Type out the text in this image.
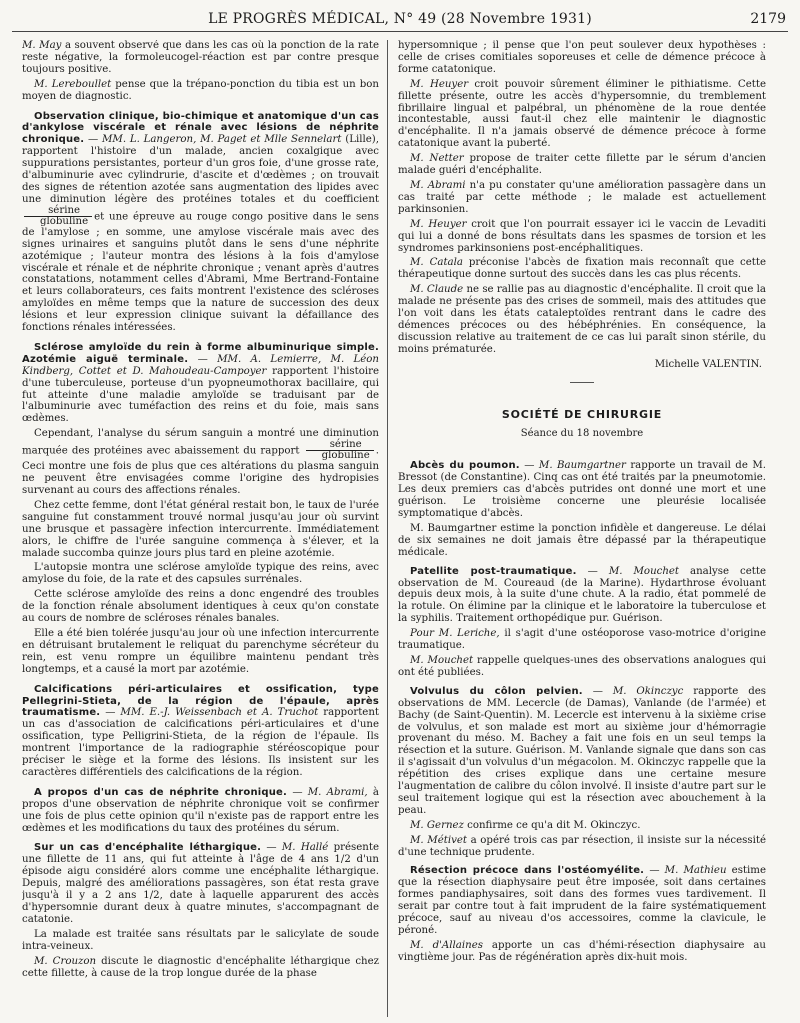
LE PROGRÈS MÉDICAL, N° 49 (28 Novembre 1931)	2179

M. May a souvent observé que dans les cas où la ponction de la rate reste négative, la formoleucogel-réaction est par contre presque toujours positive.

M. Lereboullet pense que la trépano-ponction du tibia est un bon moyen de diagnostic.

Observation clinique, bio-chimique et anatomique d'un cas d'ankylose viscérale et rénale avec lésions de néphrite chronique. — MM. L. Langeron, M. Paget et Mlle Sennelart (Lille), rapportent l'histoire d'un malade, ancien coxalgique avec suppurations persistantes, porteur d'un gros foie, d'une grosse rate, d'albuminurie avec cylindrurie, d'ascite et d'œdèmes ; on trouvait des signes de rétention azotée sans augmentation des lipides avec une diminution légère des protéines totales et du coefficient
$\frac{\text{sérine}}{\text{globuline}}$ et une épreuve au rouge congo positive dans le sens de l'amylose ; en somme, une amylose viscérale mais avec des signes urinaires et sanguins plutôt dans le sens d'une néphrite azotémique ; l'auteur montra des lésions à la fois d'amylose viscérale et rénale et de néphrite chronique ; venant après d'autres constatations, notamment celles d'Abrami, Mme Bertrand-Fontaine et leurs collaborateurs, ces faits montrent l'existence des scléroses amyloïdes en même temps que la nature de succession des deux lésions et leur expression clinique suivant la défaillance des fonctions rénales intéressées.

Sclérose amyloïde du rein à forme albuminurique simple. Azotémie aiguë terminale. — MM. A. Lemierre, M. Léon Kindberg, Cottet et D. Mahoudeau-Campoyer rapportent l'histoire d'une tuberculeuse, porteuse d'un pyopneumothorax bacillaire, qui fut atteinte d'une maladie amyloïde se traduisant par de l'albuminurie avec tuméfaction des reins et du foie, mais sans œdèmes.

Cependant, l'analyse du sérum sanguin a montré une diminution marquée des protéines avec abaissement du rapport $\frac{\text{sérine}}{\text{globuline}}$ . Ceci montre une fois de plus que ces altérations du plasma sanguin ne peuvent être envisagées comme l'origine des hydropisies survenant au cours des affections rénales.

Chez cette femme, dont l'état général restait bon, le taux de l'urée sanguine fut constamment trouvé normal jusqu'au jour où survint une brusque et passagère infection intercurrente. Immédiatement alors, le chiffre de l'urée sanguine commença à s'élever, et la malade succomba quinze jours plus tard en pleine azotémie.

L'autopsie montra une sclérose amyloïde typique des reins, avec amylose du foie, de la rate et des capsules surrénales.

Cette sclérose amyloïde des reins a donc engendré des troubles de la fonction rénale absolument identiques à ceux qu'on constate au cours de nombre de scléroses rénales banales.

Elle a été bien tolérée jusqu'au jour où une infection intercurrente en détruisant brutalement le reliquat du parenchyme sécréteur du rein, est venu rompre un équilibre maintenu pendant très longtemps, et a causé la mort par azotémie.

Calcifications péri-articulaires et ossification, type Pellegrini-Stieta, de la région de l'épaule, après traumatisme. — MM. E.-J. Weissenbach et A. Truchot rapportent un cas d'association de calcifications péri-articulaires et d'une ossification, type Pelligrini-Stieta, de la région de l'épaule. Ils montrent l'importance de la radiographie stéréoscopique pour préciser le siège et la forme des lésions. Ils insistent sur les caractères différentiels des calcifications de la région.

A propos d'un cas de néphrite chronique. — M. Abrami, à propos d'une observation de néphrite chronique voit se confirmer une fois de plus cette opinion qu'il n'existe pas de rapport entre les œdèmes et les modifications du taux des protéines du sérum.

Sur un cas d'encéphalite léthargique. — M. Hallé présente une fillette de 11 ans, qui fut atteinte à l'âge de 4 ans 1/2 d'un épisode aigu considéré alors comme une encéphalite léthargique. Depuis, malgré des améliorations passagères, son état resta grave jusqu'à il y a 2 ans 1/2, date à laquelle apparurent des accès d'hypersomnie durant deux à quatre minutes, s'accompagnant de catatonie.

La malade est traitée sans résultats par le salicylate de soude intra-veineux.

M. Crouzon discute le diagnostic d'encéphalite léthargique chez cette fillette, à cause de la trop longue durée de la phase

hypersomnique ; il pense que l'on peut soulever deux hypothèses : celle de crises comitiales soporeuses et celle de démence précoce à forme catatonique.

M. Heuyer croit pouvoir sûrement éliminer le pithiatisme. Cette fillette présente, outre les accès d'hypersomnie, du tremblement fibrillaire lingual et palpébral, un phénomène de la roue dentée incontestable, aussi faut-il chez elle maintenir le diagnostic d'encéphalite. Il n'a jamais observé de démence précoce à forme catatonique avant la puberté.

M. Netter propose de traiter cette fillette par le sérum d'ancien malade guéri d'encéphalite.

M. Abrami n'a pu constater qu'une amélioration passagère dans un cas traité par cette méthode ; le malade est actuellement parkinsonien.

M. Heuyer croit que l'on pourrait essayer ici le vaccin de Levaditi qui lui a donné de bons résultats dans les spasmes de torsion et les syndromes parkinsoniens post-encéphalitiques.

M. Catala préconise l'abcès de fixation mais reconnaît que cette thérapeutique donne surtout des succès dans les cas plus récents.

M. Claude ne se rallie pas au diagnostic d'encéphalite. Il croit que la malade ne présente pas des crises de sommeil, mais des attitudes que l'on voit dans les états cataleptoïdes rentrant dans le cadre des démences précoces ou des hébéphrénies. En conséquence, la discussion relative au traitement de ce cas lui paraît sinon stérile, du moins prématurée.

Michelle VALENTIN.

SOCIÉTÉ DE CHIRURGIE

Séance du 18 novembre

Abcès du poumon. — M. Baumgartner rapporte un travail de M. Bressot (de Constantine). Cinq cas ont été traités par la pneumotomie. Les deux premiers cas d'abcès putrides ont donné une mort et une guérison. Le troisième concerne une pleurésie localisée symptomatique d'abcès.

M. Baumgartner estime la ponction infidèle et dangereuse. Le délai de six semaines ne doit jamais être dépassé par la thérapeutique médicale.

Patellite post-traumatique. — M. Mouchet analyse cette observation de M. Coureaud (de la Marine). Hydarthrose évoluant depuis deux mois, à la suite d'une chute. A la radio, état pommelé de la rotule. On élimine par la clinique et le laboratoire la tuberculose et la syphilis. Traitement orthopédique pur. Guérison.

Pour M. Leriche, il s'agit d'une ostéoporose vaso-motrice d'origine traumatique.

M. Mouchet rappelle quelques-unes des observations analogues qui ont été publiées.

Volvulus du côlon pelvien. — M. Okinczyc rapporte des observations de MM. Lecercle (de Damas), Vanlande (de l'armée) et Bachy (de Saint-Quentin). M. Lecercle est intervenu à la sixième crise de volvulus, et son malade est mort au sixième jour d'hémorragie provenant du méso. M. Bachey a fait une fois en un seul temps la résection et la suture. Guérison. M. Vanlande signale que dans son cas il s'agissait d'un volvulus d'un mégacolon. M. Okinczyc rappelle que la répétition des crises explique dans une certaine mesure l'augmentation de calibre du côlon involvé. Il insiste d'autre part sur le seul traitement logique qui est la résection avec abouchement à la peau.

M. Gernez confirme ce qu'a dit M. Okinczyc.

M. Métivet a opéré trois cas par résection, il insiste sur la nécessité d'une technique prudente.

Résection précoce dans l'ostéomyélite. — M. Mathieu estime que la résection diaphysaire peut être imposée, soit dans certaines formes pandiaphysaires, soit dans des formes vues tardivement. Il serait par contre tout à fait imprudent de la faire systématiquement précoce, sauf au niveau d'os accessoires, comme la clavicule, le péroné.

M. d'Allaines apporte un cas d'hémi-résection diaphysaire au vingtième jour. Pas de régénération après dix-huit mois.
